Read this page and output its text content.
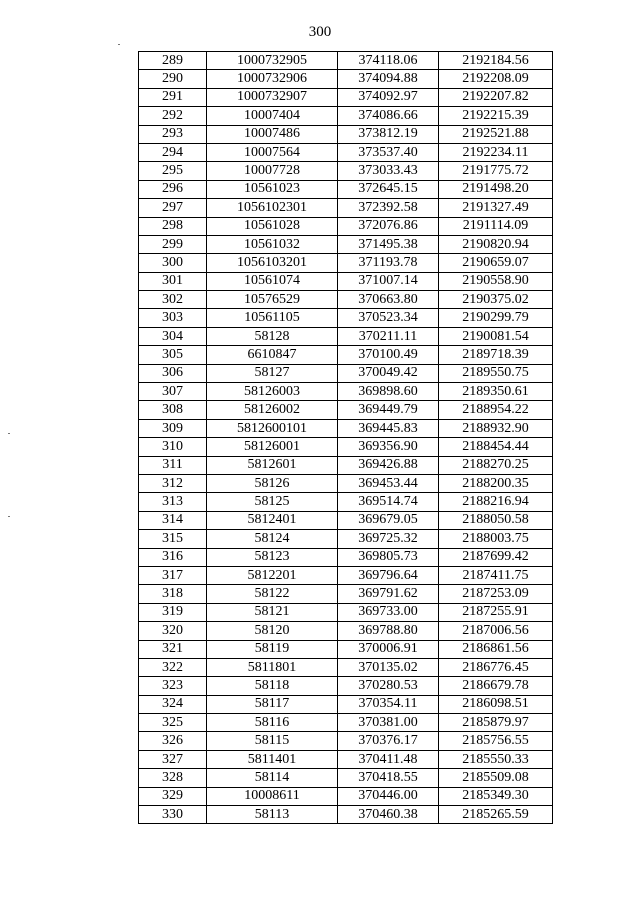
300
289	1000732905	374118.06	2192184.56
290	1000732906	374094.88	2192208.09
291	1000732907	374092.97	2192207.82
292	10007404	374086.66	2192215.39
293	10007486	373812.19	2192521.88
294	10007564	373537.40	2192234.11
295	10007728	373033.43	2191775.72
296	10561023	372645.15	2191498.20
297	1056102301	372392.58	2191327.49
298	10561028	372076.86	2191114.09
299	10561032	371495.38	2190820.94
300	1056103201	371193.78	2190659.07
301	10561074	371007.14	2190558.90
302	10576529	370663.80	2190375.02
303	10561105	370523.34	2190299.79
304	58128	370211.11	2190081.54
305	6610847	370100.49	2189718.39
306	58127	370049.42	2189550.75
307	58126003	369898.60	2189350.61
308	58126002	369449.79	2188954.22
309	5812600101	369445.83	2188932.90
310	58126001	369356.90	2188454.44
311	5812601	369426.88	2188270.25
312	58126	369453.44	2188200.35
313	58125	369514.74	2188216.94
314	5812401	369679.05	2188050.58
315	58124	369725.32	2188003.75
316	58123	369805.73	2187699.42
317	5812201	369796.64	2187411.75
318	58122	369791.62	2187253.09
319	58121	369733.00	2187255.91
320	58120	369788.80	2187006.56
321	58119	370006.91	2186861.56
322	5811801	370135.02	2186776.45
323	58118	370280.53	2186679.78
324	58117	370354.11	2186098.51
325	58116	370381.00	2185879.97
326	58115	370376.17	2185756.55
327	5811401	370411.48	2185550.33
328	58114	370418.55	2185509.08
329	10008611	370446.00	2185349.30
330	58113	370460.38	2185265.59
